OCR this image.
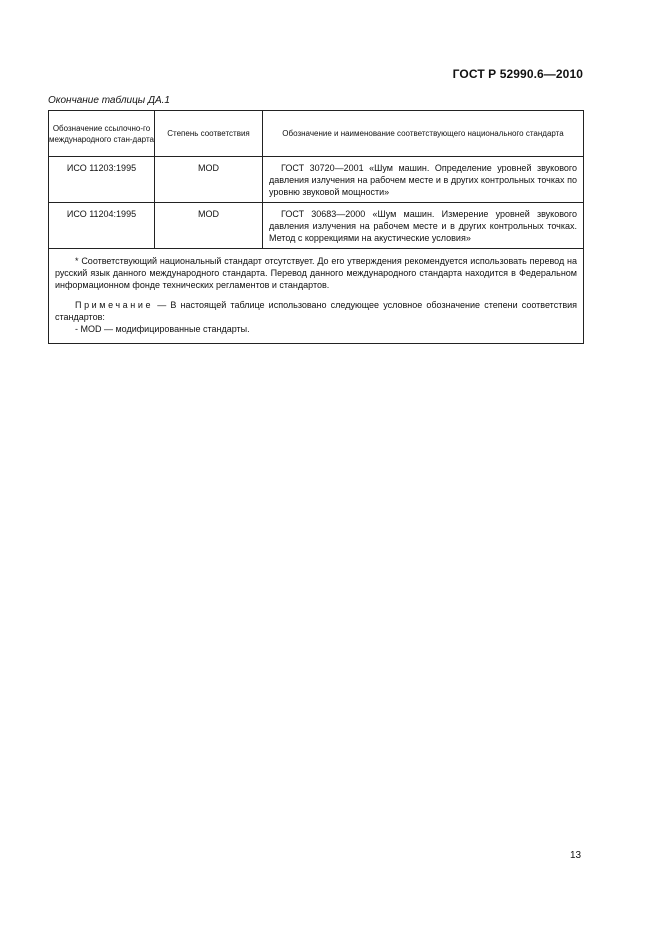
ГОСТ Р 52990.6—2010
Окончание таблицы ДА.1
Обозначение ссылочно-го международного стан-дарта	Степень соответствия	Обозначение и наименование соответствующего национального стандарта
ИСО 11203:1995	MOD	ГОСТ 30720—2001 «Шум машин. Определение уровней звукового давления излучения на рабочем месте и в других контрольных точках по уровню звуковой мощности»
ИСО 11204:1995	MOD	ГОСТ 30683—2000 «Шум машин. Измерение уровней звукового давления излучения на рабочем месте и в других контрольных точках. Метод с коррекциями на акустические условия»

* Соответствующий национальный стандарт отсутствует. До его утверждения рекомендуется использовать перевод на русский язык данного международного стандарта. Перевод данного международного стандарта находится в Федеральном информационном фонде технических регламентов и стандартов.

Примечание — В настоящей таблице использовано следующее условное обозначение степени соответствия стандартов:

- MOD — модифицированные стандарты.		

13
